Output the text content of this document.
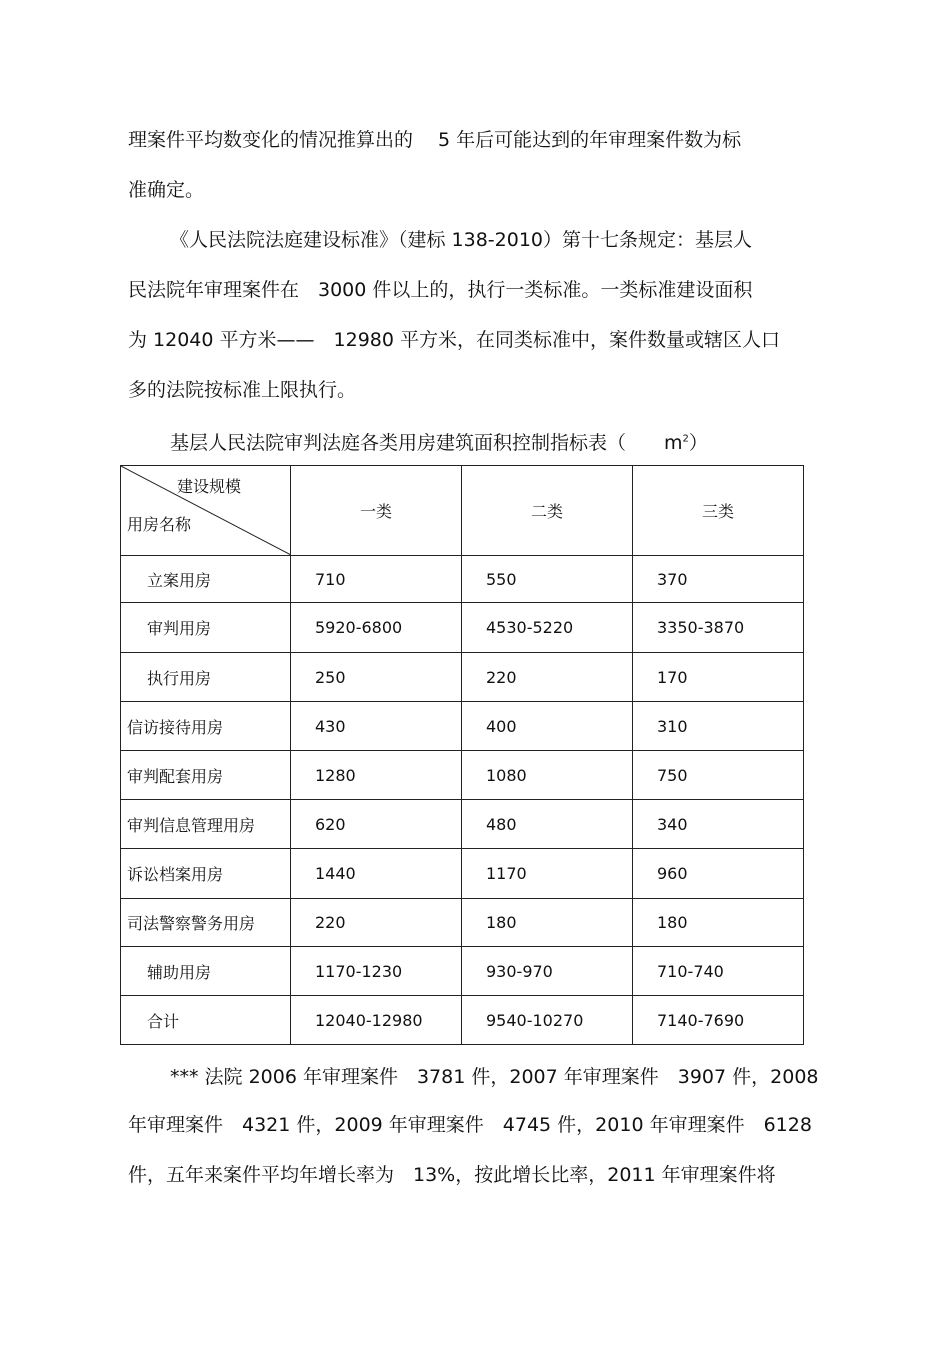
理案件平均数变化的情况推算出的　 5 年后可能达到的年审理案件数为标
准确定。
《人民法院法庭建设标准》（建标 138-2010）第十七条规定：基层人
民法院年审理案件在　3000 件以上的，执行一类标准。一类标准建设面积
为 12040 平方米——　12980 平方米，在同类标准中，案件数量或辖区人口
多的法院按标准上限执行。
基层人民法院审判法庭各类用房建筑面积控制指标表（　　$m^2$）
建设规模
用房名称	一类	二类	三类
立案用房	710	550	370
审判用房	5920-6800	4530-5220	3350-3870
执行用房	250	220	170
信访接待用房	430	400	310
审判配套用房	1280	1080	750
审判信息管理用房	620	480	340
诉讼档案用房	1440	1170	960
司法警察警务用房	220	180	180
辅助用房	1170-1230	930-970	710-740
合计	12040-12980	9540-10270	7140-7690
*** 法院 2006 年审理案件　3781 件，2007 年审理案件　3907 件，2008
年审理案件　4321 件，2009 年审理案件　4745 件，2010 年审理案件　6128
件，五年来案件平均年增长率为　13%，按此增长比率，2011 年审理案件将
